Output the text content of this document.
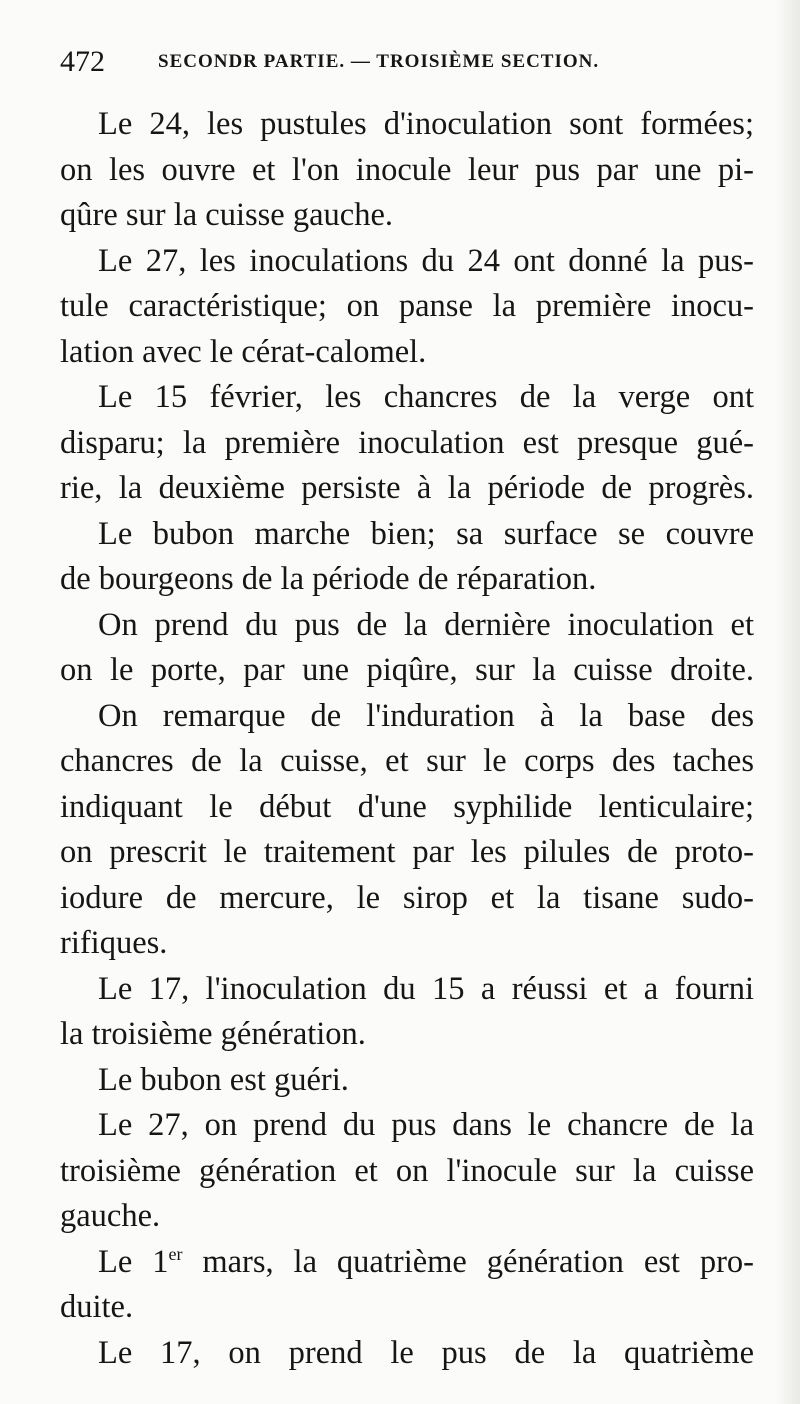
472	SECONDR PARTIE. — TROISIÈME SECTION.
Le 24, les pustules d'inoculation sont formées;
on les ouvre et l'on inocule leur pus par une pi-
qûre sur la cuisse gauche.
Le 27, les inoculations du 24 ont donné la pus-
tule caractéristique; on panse la première inocu-
lation avec le cérat-calomel.
Le 15 février, les chancres de la verge ont
disparu; la première inoculation est presque gué-
rie, la deuxième persiste à la période de progrès.
Le bubon marche bien; sa surface se couvre
de bourgeons de la période de réparation.
On prend du pus de la dernière inoculation et
on le porte, par une piqûre, sur la cuisse droite.
On remarque de l'induration à la base des
chancres de la cuisse, et sur le corps des taches
indiquant le début d'une syphilide lenticulaire;
on prescrit le traitement par les pilules de proto-
iodure de mercure, le sirop et la tisane sudo-
rifiques.
Le 17, l'inoculation du 15 a réussi et a fourni
la troisième génération.
Le bubon est guéri.
Le 27, on prend du pus dans le chancre de la
troisième génération et on l'inocule sur la cuisse
gauche.
Le 1er mars, la quatrième génération est pro-
duite.
Le 17, on prend le pus de la quatrième
